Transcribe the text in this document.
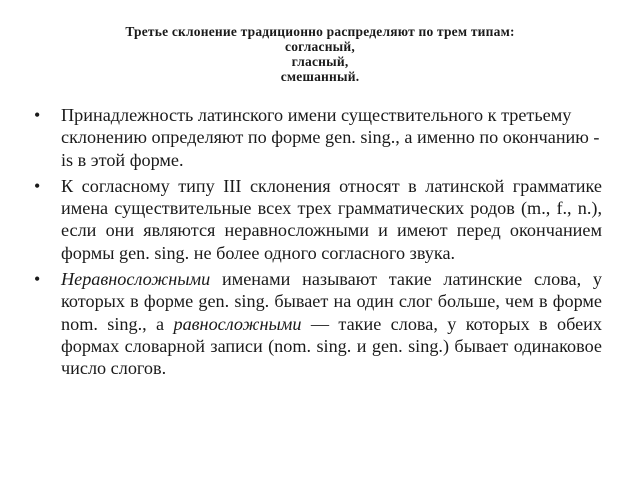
Третье склонение традиционно распределяют по трем типам:
согласный,
гласный,
смешанный.
• Принадлежность латинского имени существительного к третьему склонению определяют по форме gen. sing., а именно по окончанию -is в этой форме.
• К согласному типу III склонения относят в латинской грамматике имена существительные всех трех грамматических родов (m., f., n.), если они являются неравносложными и имеют перед окончанием формы gen. sing. не более одного согласного звука.
• Неравносложными именами называют такие латинские слова, у которых в форме gen. sing. бывает на один слог больше, чем в форме nom. sing., а равносложными — такие слова, у которых в обеих формах словарной записи (nom. sing. и gen. sing.) бывает одинаковое число слогов.
